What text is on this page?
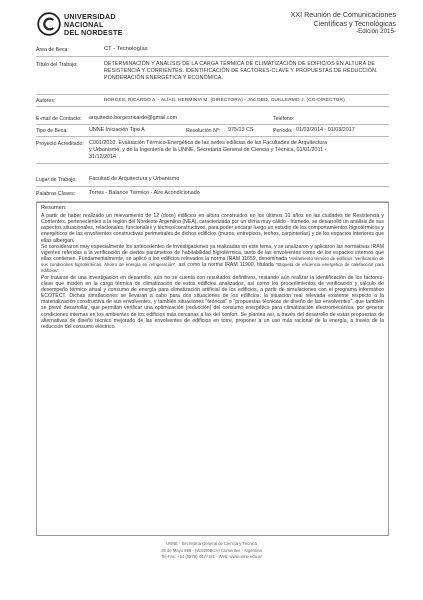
UNIVERSIDAD
NACIONAL
DEL NORDESTE
XXI Reunión de Comunicaciones
Científicas y Tecnológicas
-Edición 2015-
Área de Beca:	CT - Tecnologías
Título del Trabajo:	DETERMINACIÓN Y ANÁLISIS DE LA CARGA TÉRMICA DE CLIMATIZACIÓN DE EDIFICIOS EN ALTURA DE RESISTENCIA Y CORRIENTES. IDENTIFICACIÓN DE FACTORES-CLAVE Y PROPUESTAS DE REDUCCIÓN. PONDERACIÓN ENERGÉTICA Y ECONÓMICA.
Autores:	BORGES, RICARDO A. - ALÍAS, HERMINIA M. (DIRECTORA) - JACOBO, GUILLERMO J. (CO-DIRECTOR)
E-mail de Contacto: arquitecto.borgesricardo@gmail.com	Teléfono:
Tipo de Beca:	UNNE Iniciación Tipo A	Resolución Nº: 975/13 CS	Período: 01/03/2014 - 01/03/2017
Proyecto Acreditado: C001/2010. Evaluación Térmico-Energética de las sedes edilicias de las Facultades de Arquitectura y Urbanismo, y de la Ingeniería de la UNNE, Secretaría General de Ciencia y Técnica, 01/01/2011 - 31/12/2014
Lugar de Trabajo: Facultad de Arquitectura y Urbanismo
Palabras Claves:	Torres - Balance Térmico - Aire Acondicionado
Resumen:

A partir de haber realizado un relevamiento de 12 (doce) edificios en altura construidos en los últimos 10 años en las ciudades de Resistencia y Corrientes, pertenecientes a la región del Nordeste Argentino (NEA), caracterizada por un clima muy cálido - húmedo, se desarrolló un análisis de sus aspectos situacionales, relacionales, funcionales y técnico/constructivos, para poder encarar luego un estudio de los comportamientos higrotérmicos y energéticos de las envolventes constructivas perimetrales de dichos edificios (muros, entrepisos, techos, carpinterías) y de los espacios interiores que ellas albergan.

Se consideraron muy especialmente los antecedentes de investigaciones ya realizadas en este tema, y se analizaron y aplicaron las normativas IRAM vigentes referidas a la verificación de ciertos parámetros de habitabilidad higrotérmica, tanto de las envolventes como de los espacios internos que ellas contienen. Fundamentalmente, se aplicó a los edificios relevados la norma IRAM 11659, denominada "Aislamiento térmico de edificios. Verificación de sus condiciones higrotérmicas. Ahorro de energía en refrigeración", así como la norma IRAM 11900, titulada "Etiqueta de eficiencia energética de calefacción para edificios".

Por tratarse de una investigación en desarrollo, aún no se cuenta con resultados definitivos, restando aún realizar la identificación de los factores-clave que inciden en la carga térmica de climatización de estos edificios analizados, así como los procedimientos de verificación y cálculo de desempeño térmico anual y consumo de energía para climatización artificial de los edificios, a partir de simulaciones con el programa informático ECOTECT. Dichas simulaciones se llevarán a cabo para dos situaciones de los edificios: la situación real relevada existente respecto a la materialización constructiva de sus envolventes, y también situaciones "teóricas" o "propuestas técnicas de diseño de las envolventes", que también se prevé desarrollar, que permitan verificar una optimización (reducción) del consumo energético para climatización electromecánica, por generar condiciones internas en los ambientes de los edificios más cercanas a las del confort. Se plantea así, a través del desarrollo de estas propuestas de alternativas de diseño técnico mejorado de las envolventes de edificios en torre, proponer a un uso más racional de la energía, a través de la reducción del consumo eléctrico.

UNNE - Secretaría General de Ciencia y Técnica
25 de Mayo 868 - (W3400BCH) Corrientes - Argentina
Tel-Fax: +54 (0379) 4427181 - Web: www.unne.edu.ar
